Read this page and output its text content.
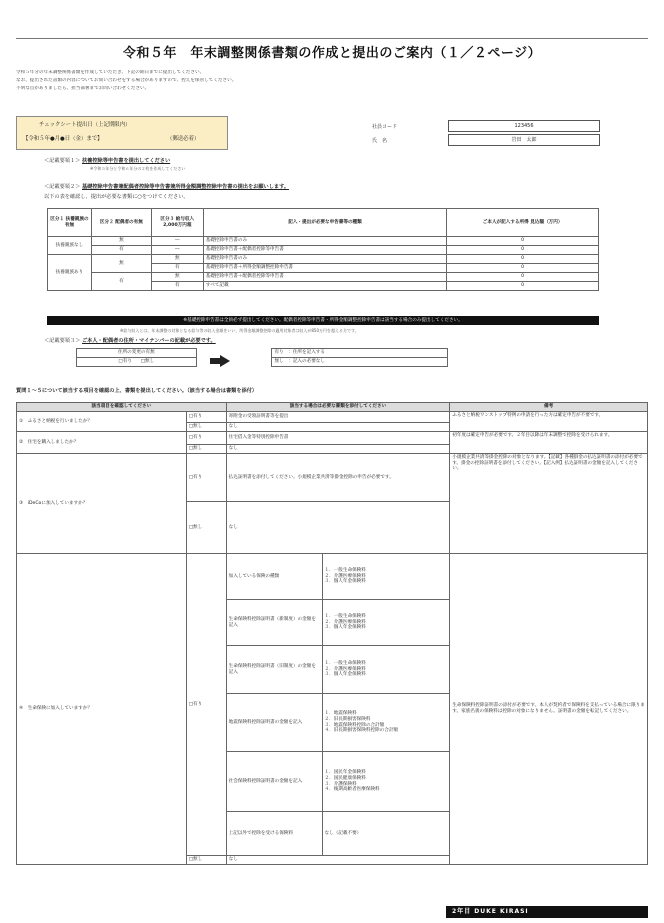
令和５年　年末調整関係書類の作成と提出のご案内（１／２ページ）
令和５年分の年末調整関係書類を作成していただき、下記の期日までに提出してください。
なお、提出された書類の内容についてお問い合わせをする場合がありますので、控えを保管してください。
不明な点がありましたら、担当部署までお問い合わせください。
チェックシート提出日（上記期限内）
【令和５年●月●日（金）まで】	（郵送必着）
社員コード	123456
氏　名	岩田　太郎
＜記載要領１＞ 扶養控除等申告書を提出してください
※令和５年分と令和６年分の２枚を作成してください
＜記載要領２＞ 基礎控除申告書兼配偶者控除等申告書兼所得金額調整控除申告書の提出をお願いします。
以下の表を確認し、提出が必要な書類に○をつけてください。
区分１ 扶養親族の有無	区分２ 配偶者の有無	区分３ 給与収入 2,000万円超	記入・提出が必要な申告書等の種類	ご本人が記入する所得 見込額（万円）
扶養親族なし	無	―	基礎控除申告書のみ	0
	有	―	基礎控除申告書＋配偶者控除等申告書	0
扶養親族あり	無	無	基礎控除申告書のみ	0
		有	基礎控除申告書＋所得金額調整控除申告書	0
	有	無	基礎控除申告書＋配偶者控除等申告書	0
		有	すべて記載	0
※基礎控除申告書は全員必ず提出してください。配偶者控除等申告書・所得金額調整控除申告書は該当する場合のみ提出してください。
※給与収入とは、年末調整の対象となる給与等の収入金額をいい、所得金額調整控除の適用対象者は収入が850万円を超える方です。
＜記載要領３＞ ご本人・配偶者の住所・マイナンバーの記載が必要です。
住所の変更の有無		有り　：住所を記入する
□有り □無し		無し　：記入の必要なし
質問１～５について該当する項目を確認の上、書類を提出してください。（該当する場合は書類を添付）
該当項目を確認してください		該当する場合は必要な書類を添付してください		備考
①　ふるさと納税を行いましたか？	□有り	寄附金の受領証明書等を提出		ふるさと納税ワンストップ特例の申請を行った方は確定申告が不要です。
	□無し	なし		
②　住宅を購入しましたか？	□有り	住宅借入金等特別控除申告書		初年度は確定申告が必要です。２年目以降は年末調整で控除を受けられます。
	□無し	なし		
③　iDeCoに加入していますか？	□有り	払込証明書を添付してください。小規模企業共済等掛金控除の申告が必要です。		小規模企業共済等掛金控除の対象となります。【記載】各種掛金の払込証明書の添付が必要です。掛金の控除証明書を添付してください。【記入例】払込証明書の金額を記入してください。
	□無し	なし		
④　生命保険に加入していますか？	□有り	加入している保険の種類	１．一般生命保険料
２．介護医療保険料
３．個人年金保険料	生命保険料控除証明書の添付が必要です。本人が契約者で保険料を支払っている場合に限ります。家族名義の保険料は控除の対象になりません。証明書の金額を転記してください。
		生命保険料控除証明書（新制度）の金額を記入	１．一般生命保険料
２．介護医療保険料
３．個人年金保険料	

		生命保険料控除証明書（旧制度）の金額を記入	１．一般生命保険料
２．介護医療保険料
３．個人年金保険料	

		地震保険料控除証明書の金額を記入	１．地震保険料
２．旧長期損害保険料
３．地震保険料控除の合計額
４．旧長期損害保険料控除の合計額	

		社会保険料控除証明書の金額を記入	１．国民年金保険料
２．国民健康保険料
３．介護保険料
４．後期高齢者医療保険料	

		上記以外で控除を受ける保険料	なし（記載不要）	
	□無し	なし		
2年目 DUKE KIRASI
